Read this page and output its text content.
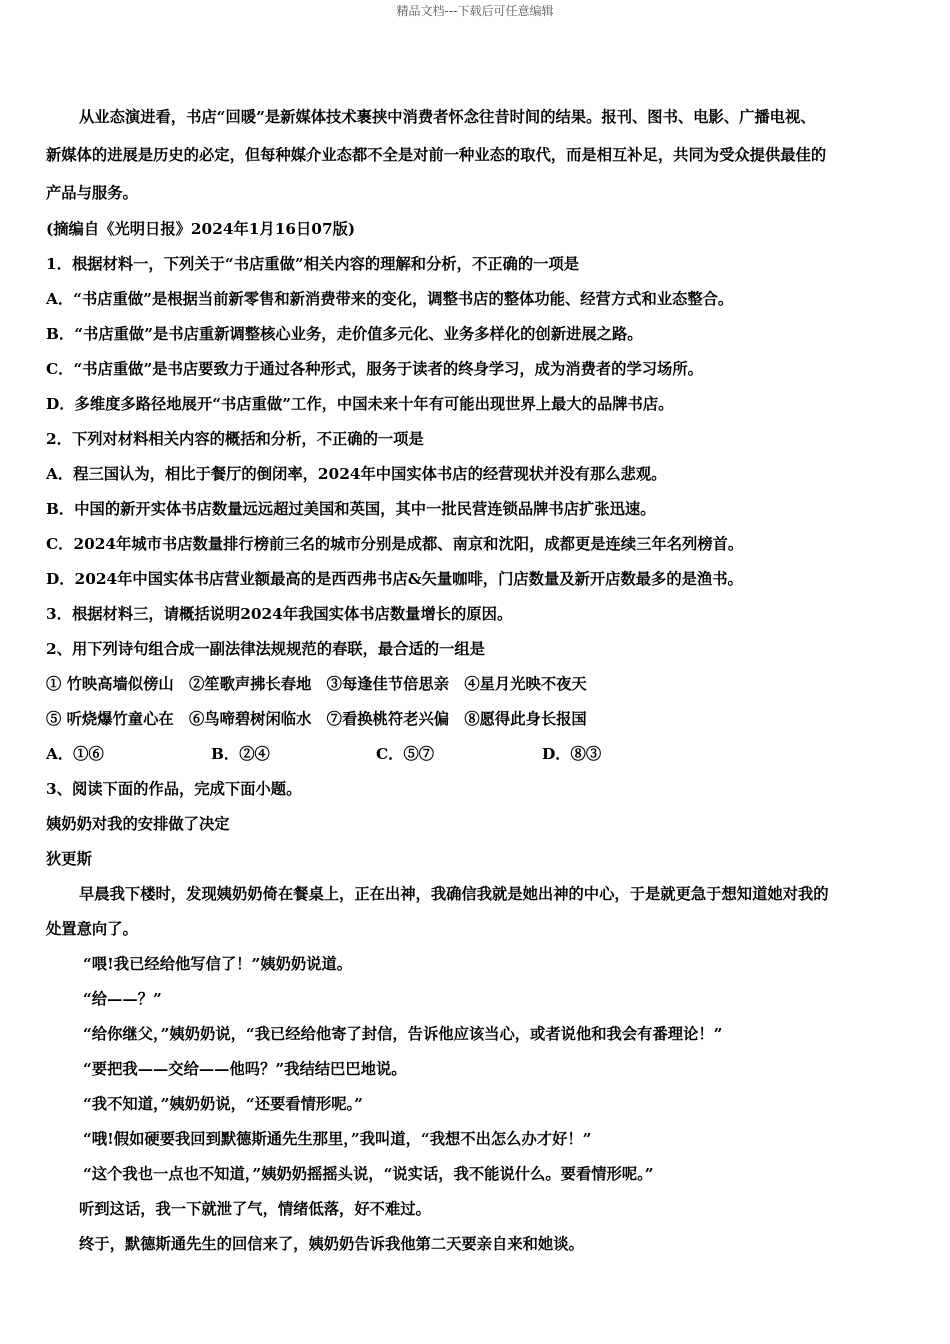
精品文档---下载后可任意编辑

从业态演进看，书店“回暖”是新媒体技术裹挟中消费者怀念往昔时间的结果。报刊、图书、电影、广播电视、

新媒体的进展是历史的必定，但每种媒介业态都不全是对前一种业态的取代，而是相互补足，共同为受众提供最佳的

产品与服务。

(摘编自《光明日报》2024年1月16日07版)

1．根据材料一，下列关于“书店重做”相关内容的理解和分析，不正确的一项是

A．“书店重做”是根据当前新零售和新消费带来的变化，调整书店的整体功能、经营方式和业态整合。

B．“书店重做”是书店重新调整核心业务，走价值多元化、业务多样化的创新进展之路。

C．“书店重做”是书店要致力于通过各种形式，服务于读者的终身学习，成为消费者的学习场所。

D．多维度多路径地展开“书店重做”工作，中国未来十年有可能出现世界上最大的品牌书店。

2．下列对材料相关内容的概括和分析，不正确的一项是

A．程三国认为，相比于餐厅的倒闭率，2024年中国实体书店的经营现状并没有那么悲观。

B．中国的新开实体书店数量远远超过美国和英国，其中一批民营连锁品牌书店扩张迅速。

C．2024年城市书店数量排行榜前三名的城市分别是成都、南京和沈阳，成都更是连续三年名列榜首。

D．2024年中国实体书店营业额最高的是西西弗书店&矢量咖啡，门店数量及新开店数最多的是渔书。

3．根据材料三，请概括说明2024年我国实体书店数量增长的原因。

2、用下列诗句组合成一副法律法规规范的春联，最合适的一组是

① 竹映高墙似傍山　②笙歌声拂长春地　③每逢佳节倍思亲　④星月光映不夜天

⑤ 听烧爆竹童心在　⑥鸟啼碧树闲临水　⑦看换桃符老兴偏　⑧愿得此身长报国

A．①⑥	B．②④	C．⑤⑦	D．⑧③

3、阅读下面的作品，完成下面小题。

姨奶奶对我的安排做了决定

狄更斯

早晨我下楼时，发现姨奶奶倚在餐桌上，正在出神，我确信我就是她出神的中心，于是就更急于想知道她对我的

处置意向了。

“喂!我已经给他写信了！”姨奶奶说道。

“给——？”

“给你继父，”姨奶奶说，“我已经给他寄了封信，告诉他应该当心，或者说他和我会有番理论！”

“要把我——交给——他吗？”我结结巴巴地说。

“我不知道，”姨奶奶说，“还要看情形呢。”

“哦!假如硬要我回到默德斯通先生那里，”我叫道，“我想不出怎么办才好！”

“这个我也一点也不知道，”姨奶奶摇摇头说，“说实话，我不能说什么。要看情形呢。”

听到这话，我一下就泄了气，情绪低落，好不难过。

终于，默德斯通先生的回信来了，姨奶奶告诉我他第二天要亲自来和她谈。
